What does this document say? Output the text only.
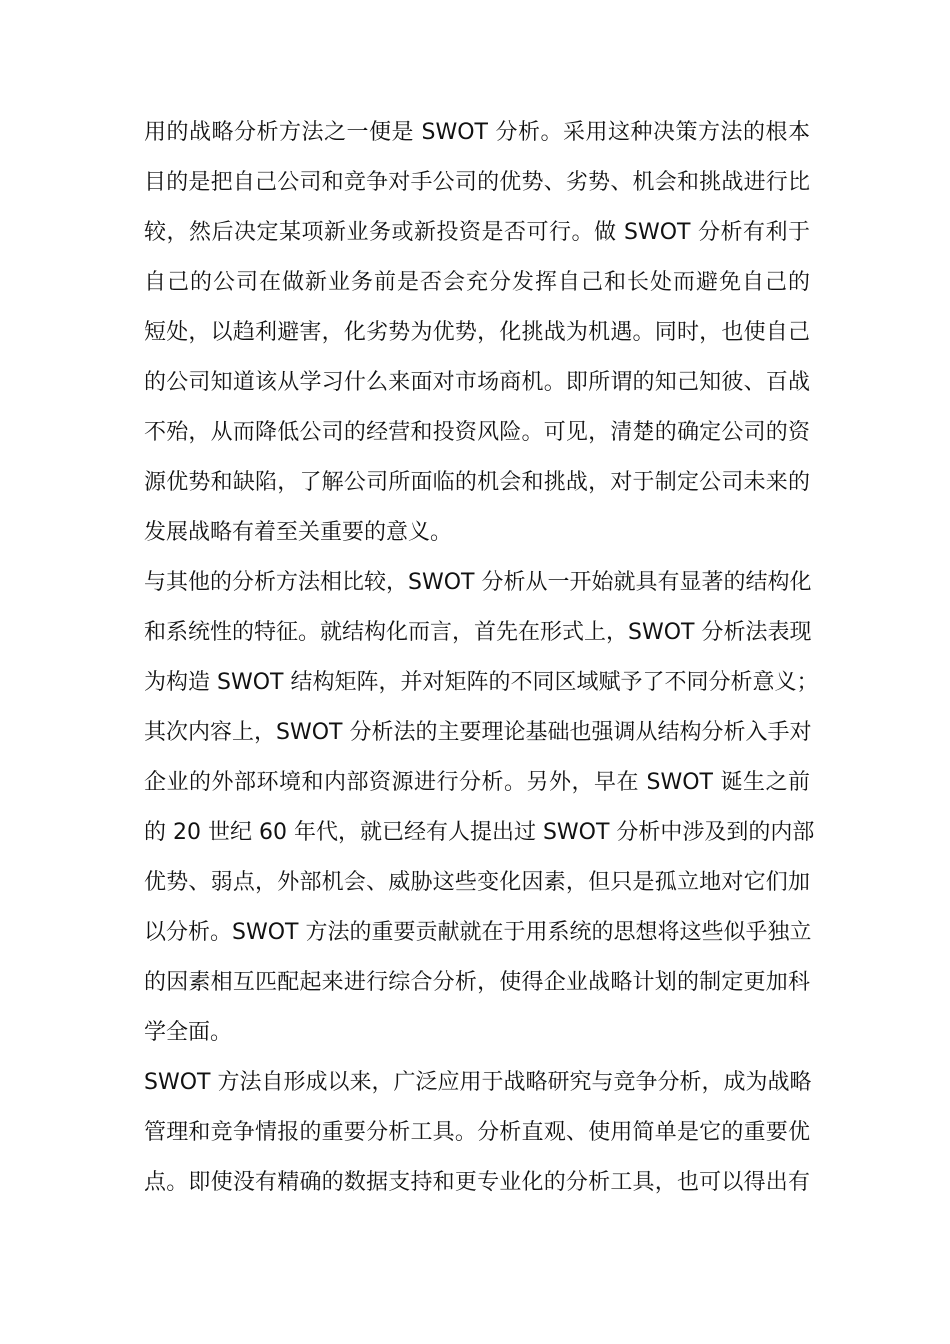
用的战略分析方法之一便是 SWOT 分析。采用这种决策方法的根本
目的是把自己公司和竞争对手公司的优势、劣势、机会和挑战进行比
较，然后决定某项新业务或新投资是否可行。做 SWOT 分析有利于
自己的公司在做新业务前是否会充分发挥自己和长处而避免自己的
短处，以趋利避害，化劣势为优势，化挑战为机遇。同时，也使自己
的公司知道该从学习什么来面对市场商机。即所谓的知己知彼、百战
不殆，从而降低公司的经营和投资风险。可见，清楚的确定公司的资
源优势和缺陷，了解公司所面临的机会和挑战，对于制定公司未来的
发展战略有着至关重要的意义。
与其他的分析方法相比较，SWOT 分析从一开始就具有显著的结构化
和系统性的特征。就结构化而言，首先在形式上，SWOT 分析法表现
为构造 SWOT 结构矩阵，并对矩阵的不同区域赋予了不同分析意义；
其次内容上，SWOT 分析法的主要理论基础也强调从结构分析入手对
企业的外部环境和内部资源进行分析。另外，早在 SWOT 诞生之前
的 20 世纪 60 年代，就已经有人提出过 SWOT 分析中涉及到的内部
优势、弱点，外部机会、威胁这些变化因素，但只是孤立地对它们加
以分析。SWOT 方法的重要贡献就在于用系统的思想将这些似乎独立
的因素相互匹配起来进行综合分析，使得企业战略计划的制定更加科
学全面。
SWOT 方法自形成以来，广泛应用于战略研究与竞争分析，成为战略
管理和竞争情报的重要分析工具。分析直观、使用简单是它的重要优
点。即使没有精确的数据支持和更专业化的分析工具，也可以得出有
